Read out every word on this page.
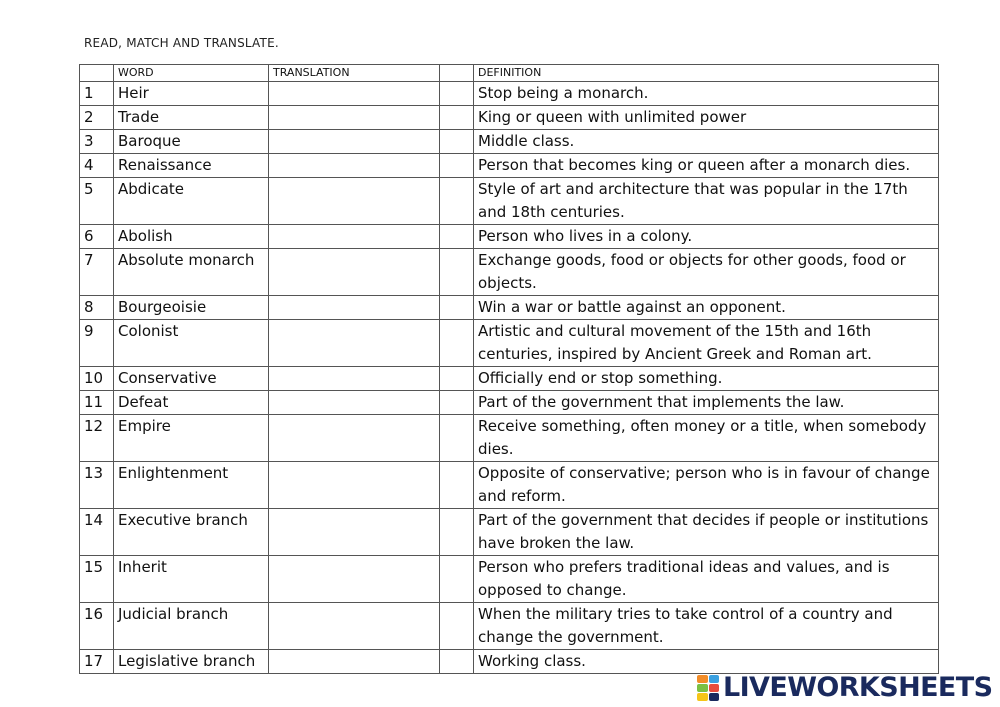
READ, MATCH AND TRANSLATE.
	WORD	TRANSLATION		DEFINITION
1	Heir			Stop being a monarch.
2	Trade			King or queen with unlimited power
3	Baroque			Middle class.
4	Renaissance			Person that becomes king or queen after a monarch dies.
5	Abdicate			Style of art and architecture that was popular in the 17th and 18th centuries.
6	Abolish			Person who lives in a colony.
7	Absolute monarch			Exchange goods, food or objects for other goods, food or objects.
8	Bourgeoisie			Win a war or battle against an opponent.
9	Colonist			Artistic and cultural movement of the 15th and 16th centuries, inspired by Ancient Greek and Roman art.
10	Conservative			Officially end or stop something.
11	Defeat			Part of the government that implements the law.
12	Empire			Receive something, often money or a title, when somebody dies.
13	Enlightenment			Opposite of conservative; person who is in favour of change and reform.
14	Executive branch			Part of the government that decides if people or institutions have broken the law.
15	Inherit			Person who prefers traditional ideas and values, and is opposed to change.
16	Judicial branch			When the military tries to take control of a country and change the government.
17	Legislative branch			Working class.
LIVEWORKSHEETS
